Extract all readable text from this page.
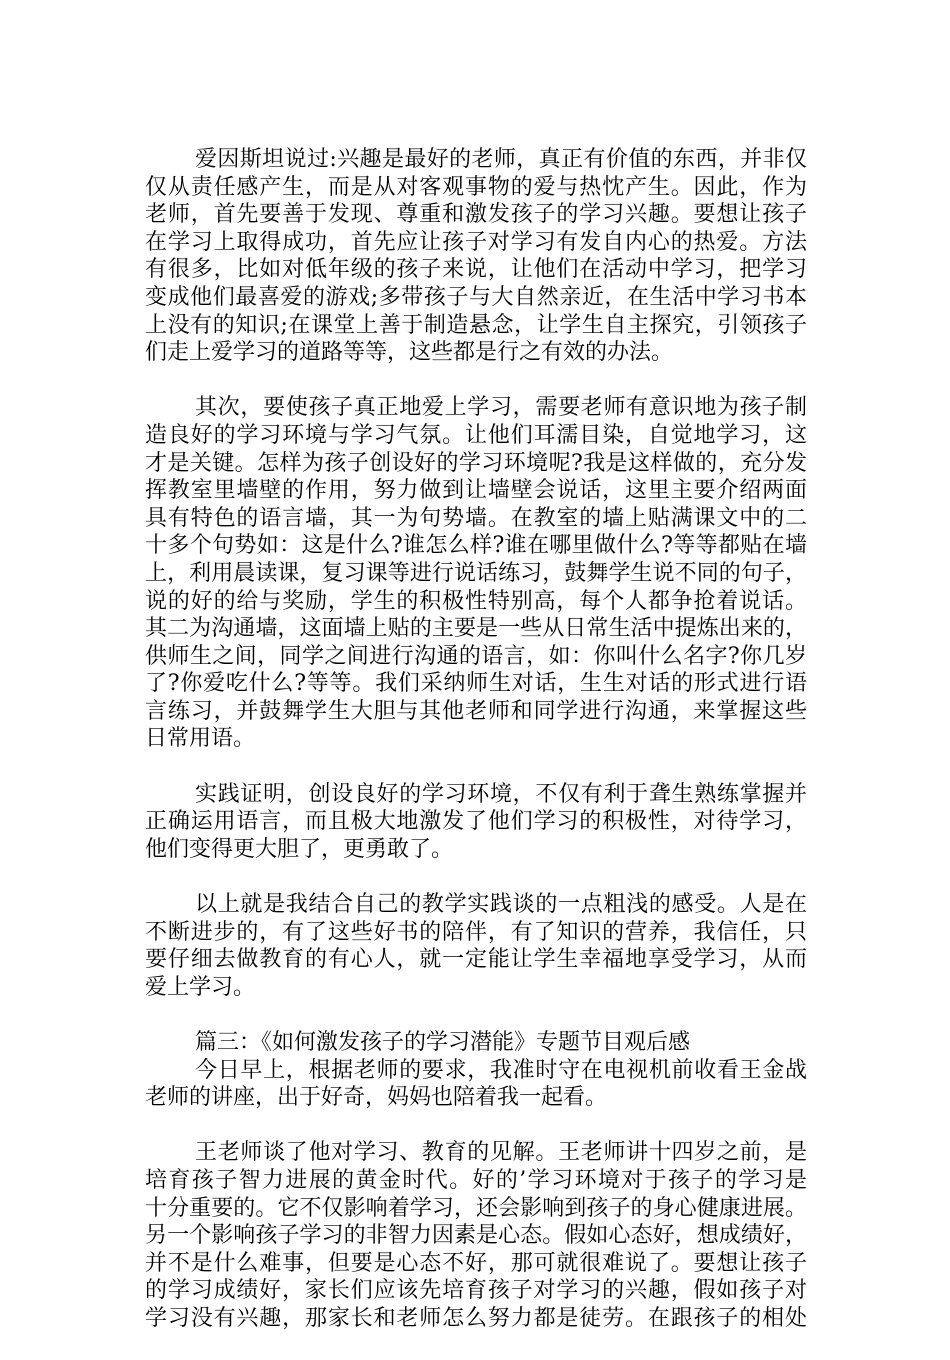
爱因斯坦说过:兴趣是最好的老师，真正有价值的东西，并非仅
仅从责任感产生，而是从对客观事物的爱与热忱产生。因此，作为
老师，首先要善于发现、尊重和激发孩子的学习兴趣。要想让孩子
在学习上取得成功，首先应让孩子对学习有发自内心的热爱。方法
有很多，比如对低年级的孩子来说，让他们在活动中学习，把学习
变成他们最喜爱的游戏;多带孩子与大自然亲近，在生活中学习书本
上没有的知识;在课堂上善于制造悬念，让学生自主探究，引领孩子
们走上爱学习的道路等等，这些都是行之有效的办法。
其次，要使孩子真正地爱上学习，需要老师有意识地为孩子制
造良好的学习环境与学习气氛。让他们耳濡目染，自觉地学习，这
才是关键。怎样为孩子创设好的学习环境呢?我是这样做的，充分发
挥教室里墙壁的作用，努力做到让墙壁会说话，这里主要介绍两面
具有特色的语言墙，其一为句势墙。在教室的墙上贴满课文中的二
十多个句势如：这是什么?谁怎么样?谁在哪里做什么?等等都贴在墙
上，利用晨读课，复习课等进行说话练习，鼓舞学生说不同的句子，
说的好的给与奖励，学生的积极性特别高，每个人都争抢着说话。
其二为沟通墙，这面墙上贴的主要是一些从日常生活中提炼出来的，
供师生之间，同学之间进行沟通的语言，如：你叫什么名字?你几岁
了?你爱吃什么?等等。我们采纳师生对话，生生对话的形式进行语
言练习，并鼓舞学生大胆与其他老师和同学进行沟通，来掌握这些
日常用语。
实践证明，创设良好的学习环境，不仅有利于聋生熟练掌握并
正确运用语言，而且极大地激发了他们学习的积极性，对待学习，
他们变得更大胆了，更勇敢了。
以上就是我结合自己的教学实践谈的一点粗浅的感受。人是在
不断进步的，有了这些好书的陪伴，有了知识的营养，我信任，只
要仔细去做教育的有心人，就一定能让学生幸福地享受学习，从而
爱上学习。
篇三：《如何激发孩子的学习潜能》专题节目观后感
今日早上，根据老师的要求，我准时守在电视机前收看王金战
老师的讲座，出于好奇，妈妈也陪着我一起看。
王老师谈了他对学习、教育的见解。王老师讲十四岁之前，是
培育孩子智力进展的黄金时代。好的’学习环境对于孩子的学习是
十分重要的。它不仅影响着学习，还会影响到孩子的身心健康进展。
另一个影响孩子学习的非智力因素是心态。假如心态好，想成绩好，
并不是什么难事，但要是心态不好，那可就很难说了。要想让孩子
的学习成绩好，家长们应该先培育孩子对学习的兴趣，假如孩子对
学习没有兴趣，那家长和老师怎么努力都是徒劳。在跟孩子的相处
